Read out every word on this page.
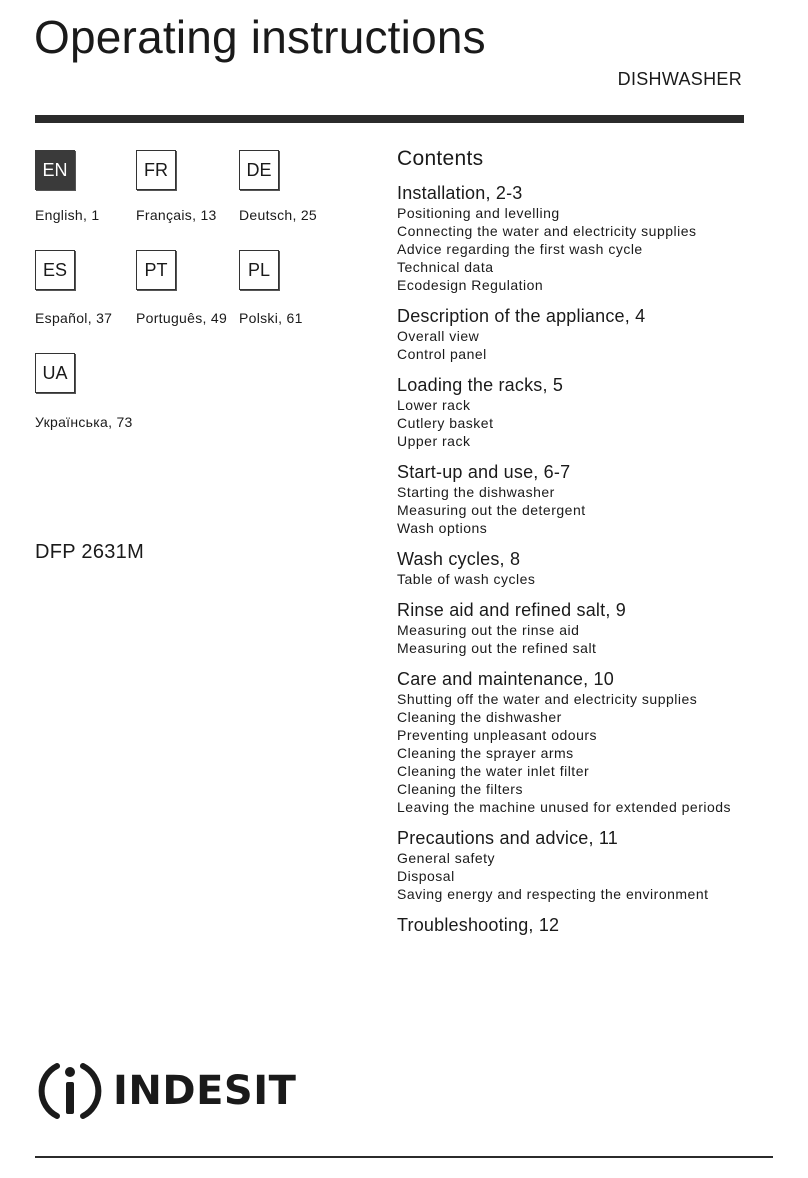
Operating instructions
DISHWASHER
EN
English, 1
FR
Français, 13
DE
Deutsch, 25
ES
Español, 37
PT
Português, 49
PL
Polski, 61
UA
Українська, 73
DFP 2631M
Contents
Installation, 2-3
Positioning and levelling
Connecting the water and electricity supplies
Advice regarding the first wash cycle
Technical data
Ecodesign Regulation
Description of the appliance, 4
Overall view
Control panel
Loading the racks, 5
Lower rack
Cutlery basket
Upper rack
Start-up and use, 6-7
Starting the dishwasher
Measuring out the detergent
Wash options
Wash cycles, 8
Table of wash cycles
Rinse aid and refined salt, 9
Measuring out the rinse aid
Measuring out the refined salt
Care and maintenance, 10
Shutting off the water and electricity supplies
Cleaning the dishwasher
Preventing unpleasant odours
Cleaning the sprayer arms
Cleaning the water inlet filter
Cleaning the filters
Leaving the machine unused for extended periods
Precautions and advice, 11
General safety
Disposal
Saving energy and respecting the environment
Troubleshooting, 12
INDESIT
